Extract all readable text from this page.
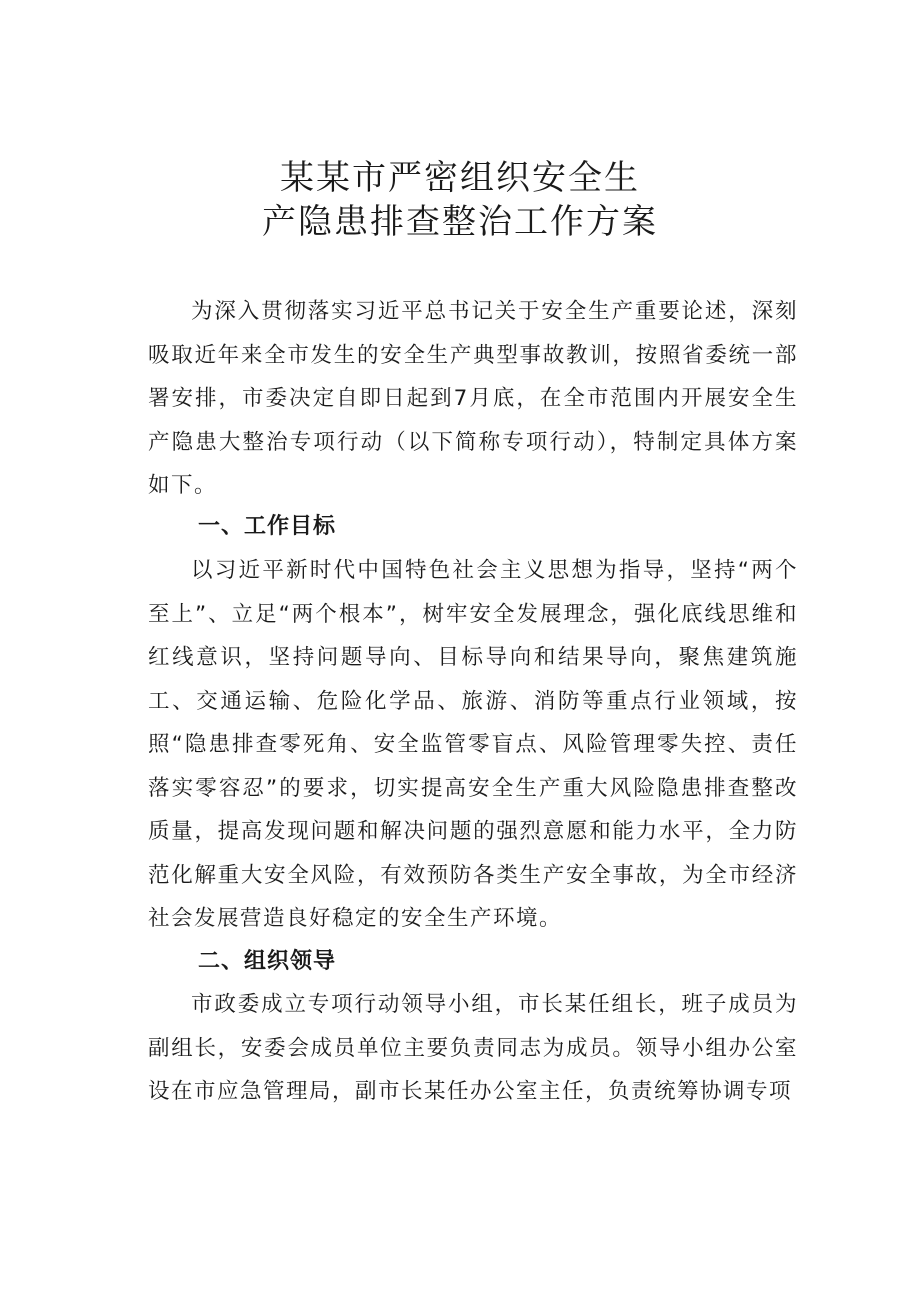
某某市严密组织安全生
产隐患排查整治工作方案

为深入贯彻落实习近平总书记关于安全生产重要论述，深刻吸取近年来全市发生的安全生产典型事故教训，按照省委统一部署安排，市委决定自即日起到7月底，在全市范围内开展安全生产隐患大整治专项行动（以下简称专项行动），特制定具体方案如下。

一、工作目标

以习近平新时代中国特色社会主义思想为指导，坚持“两个至上”、立足“两个根本”，树牢安全发展理念，强化底线思维和红线意识，坚持问题导向、目标导向和结果导向，聚焦建筑施工、交通运输、危险化学品、旅游、消防等重点行业领域，按照“隐患排查零死角、安全监管零盲点、风险管理零失控、责任落实零容忍”的要求，切实提高安全生产重大风险隐患排查整改质量，提高发现问题和解决问题的强烈意愿和能力水平，全力防范化解重大安全风险，有效预防各类生产安全事故，为全市经济社会发展营造良好稳定的安全生产环境。

二、组织领导

市政委成立专项行动领导小组，市长某任组长，班子成员为副组长，安委会成员单位主要负责同志为成员。领导小组办公室设在市应急管理局，副市长某任办公室主任，负责统筹协调专项
